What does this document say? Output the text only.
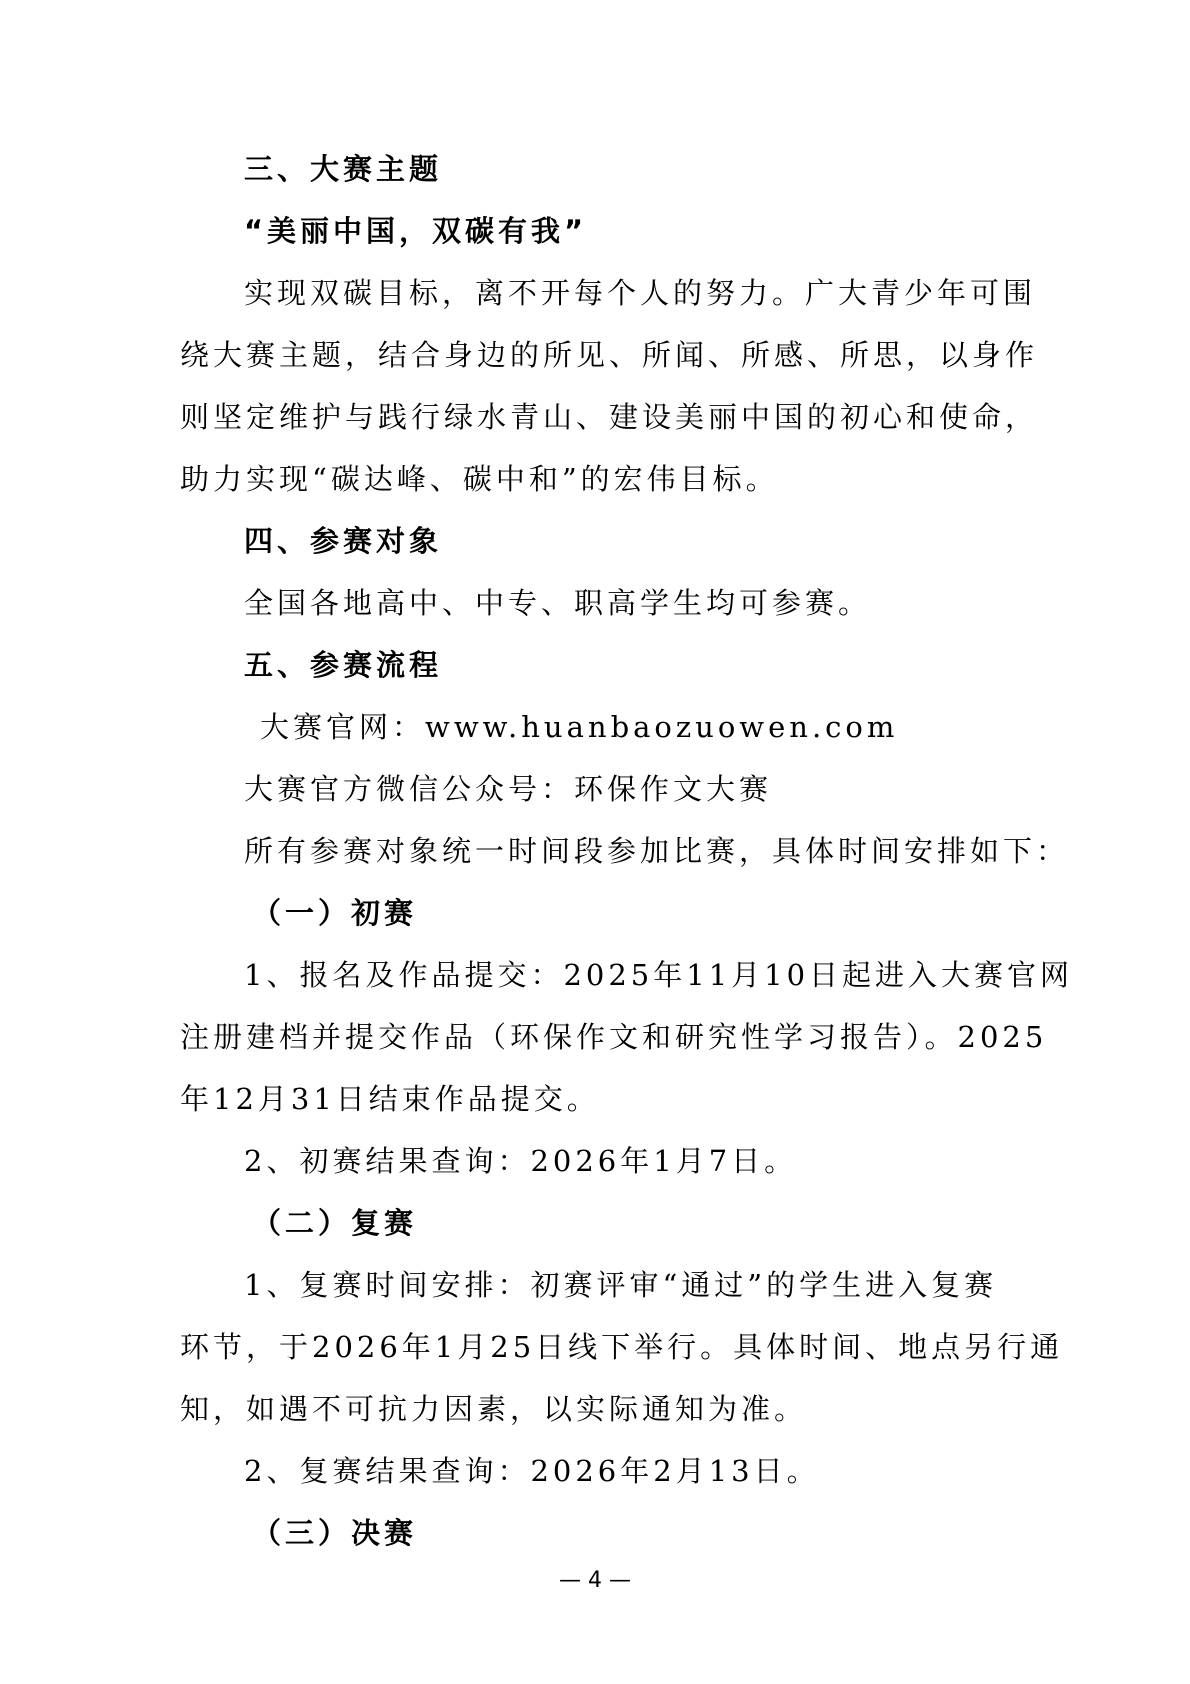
三、大赛主题
“美丽中国，双碳有我”
实现双碳目标，离不开每个人的努力。广大青少年可围
绕大赛主题，结合身边的所见、所闻、所感、所思，以身作
则坚定维护与践行绿水青山、建设美丽中国的初心和使命，
助力实现“碳达峰、碳中和”的宏伟目标。
四、参赛对象
全国各地高中、中专、职高学生均可参赛。
五、参赛流程
大赛官网：www.huanbaozuowen.com
大赛官方微信公众号：环保作文大赛
所有参赛对象统一时间段参加比赛，具体时间安排如下：
（一）初赛
1、报名及作品提交：2025年11月10日起进入大赛官网
注册建档并提交作品（环保作文和研究性学习报告）。2025
年12月31日结束作品提交。
2、初赛结果查询：2026年1月7日。
（二）复赛
1、复赛时间安排：初赛评审“通过”的学生进入复赛
环节，于2026年1月25日线下举行。具体时间、地点另行通
知，如遇不可抗力因素，以实际通知为准。
2、复赛结果查询：2026年2月13日。
（三）决赛
— 4 —
